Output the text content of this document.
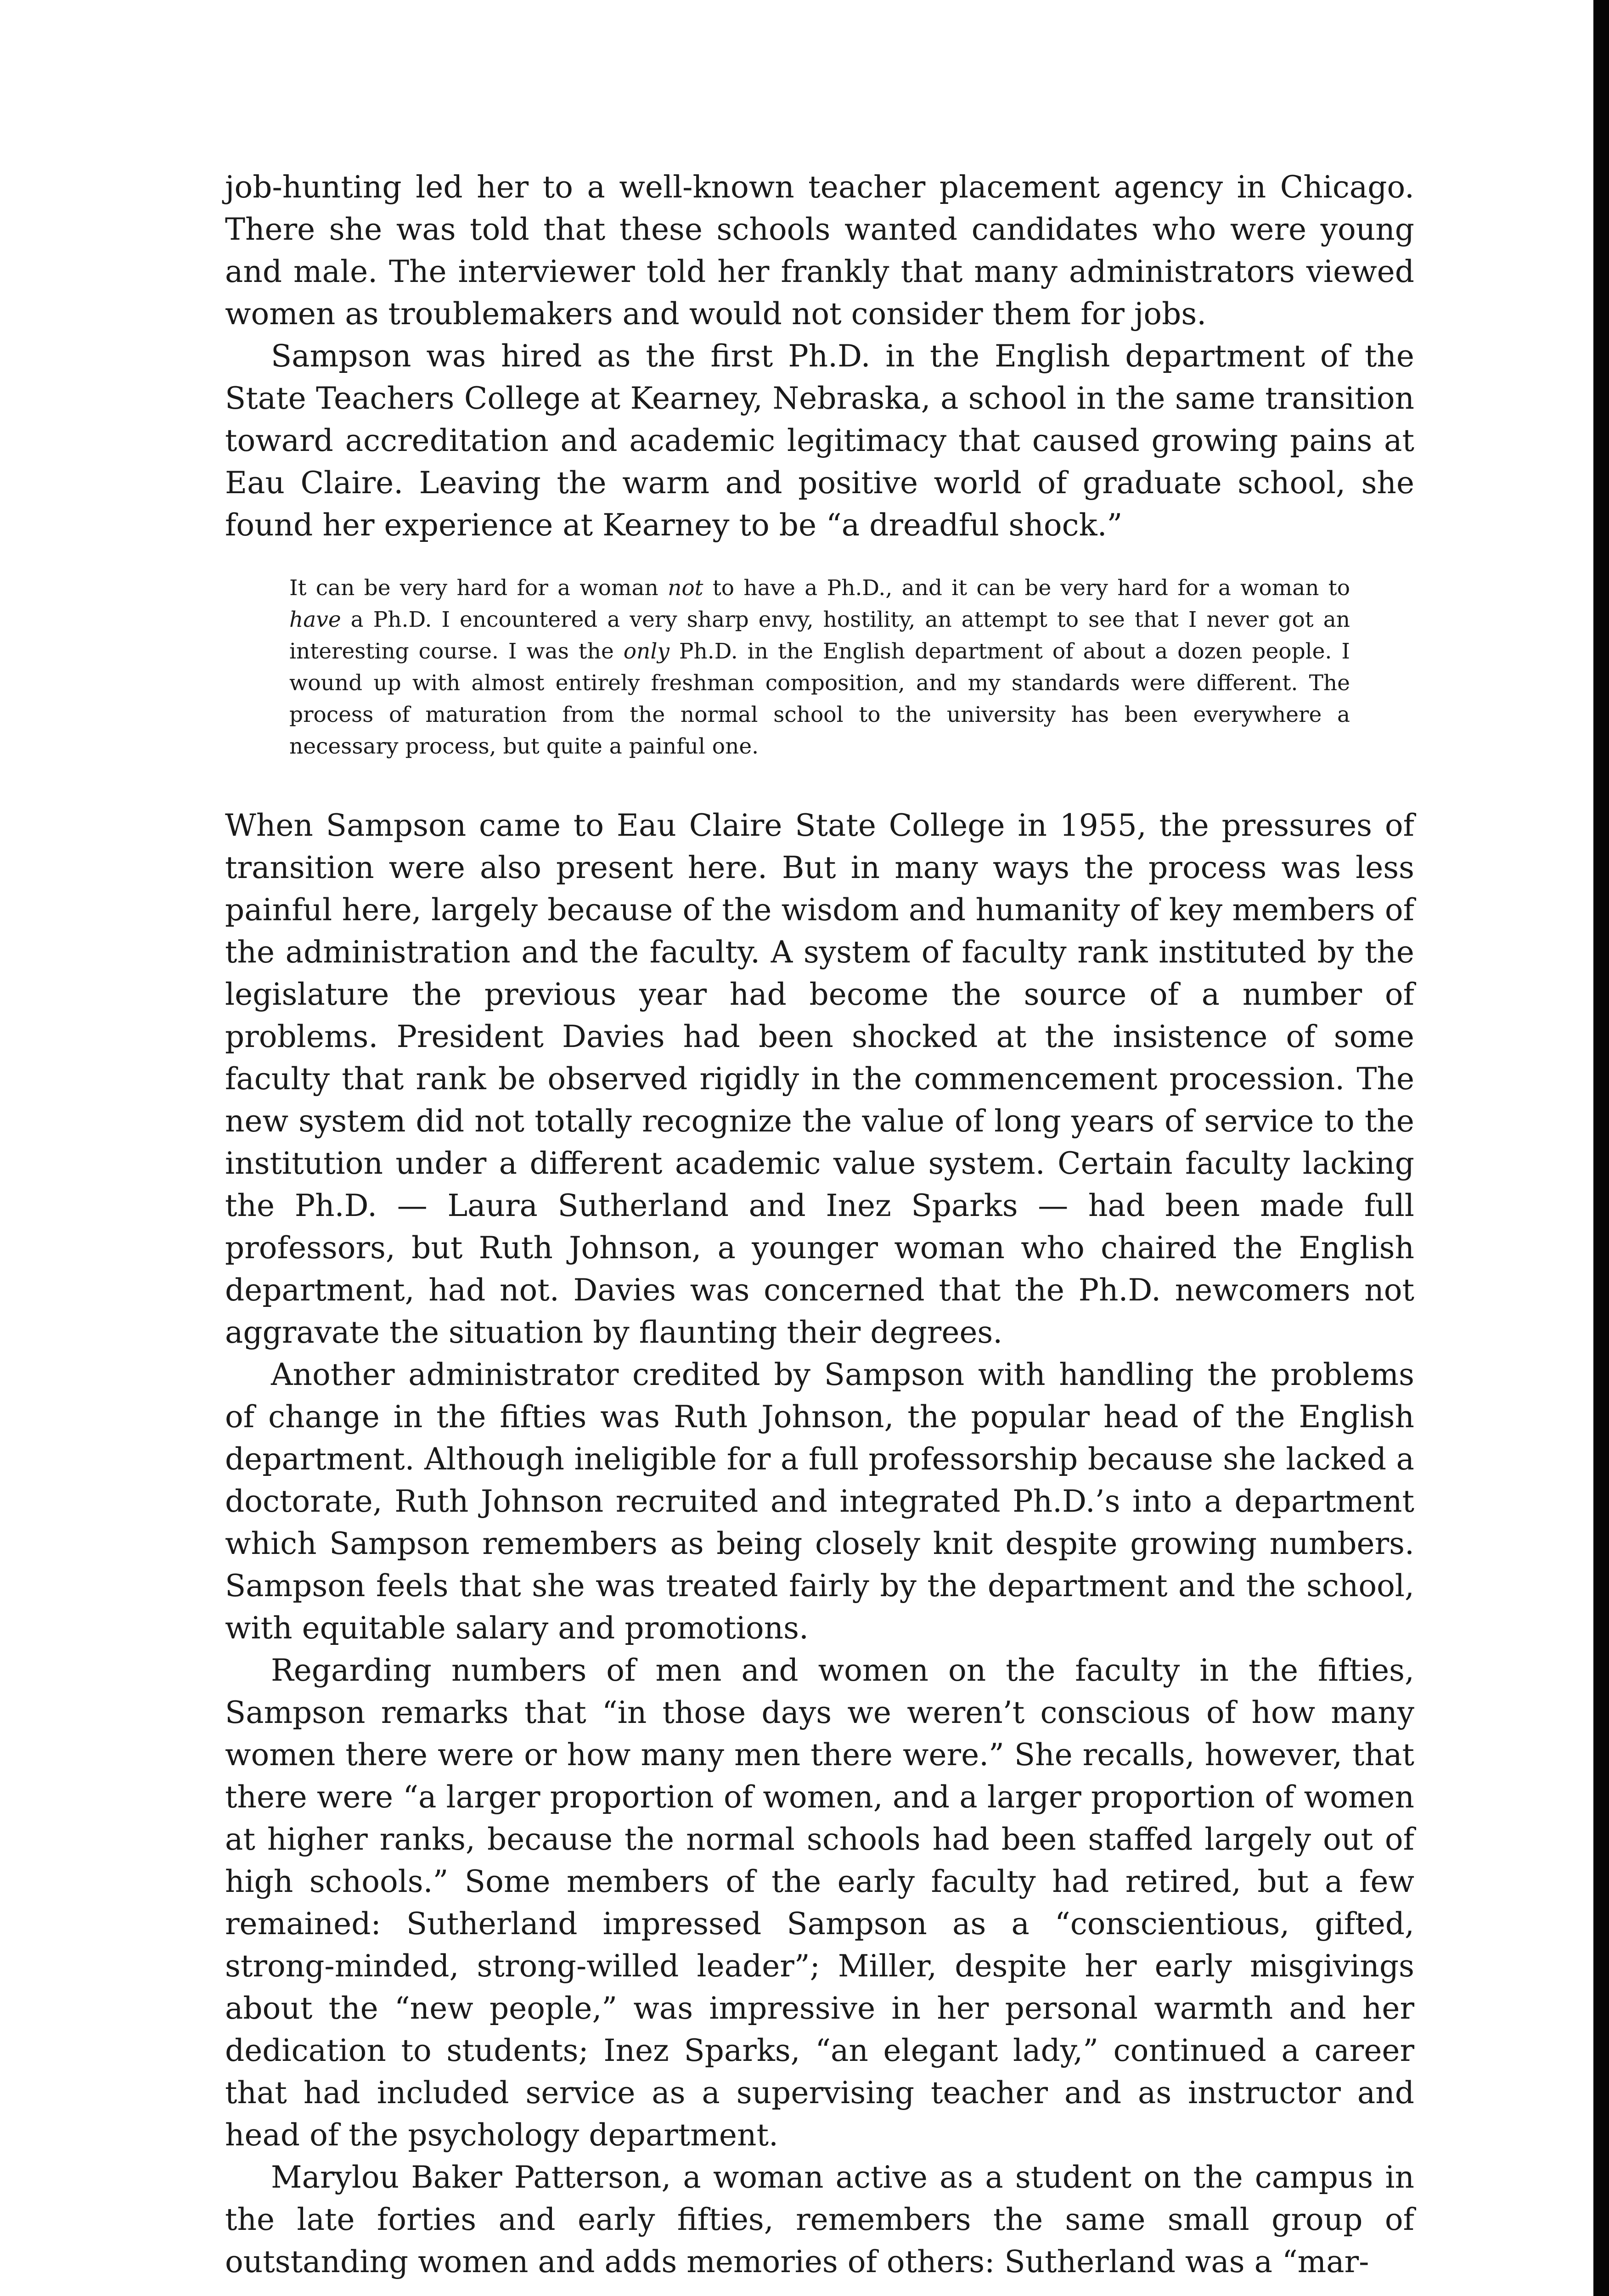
job-hunting led her to a well-known teacher placement agency in Chicago. There she was told that these schools wanted candidates who were young and male. The interviewer told her frankly that many administrators viewed women as troublemakers and would not consider them for jobs.

Sampson was hired as the first Ph.D. in the English department of the State Teachers College at Kearney, Nebraska, a school in the same transition toward accreditation and academic legitimacy that caused growing pains at Eau Claire. Leaving the warm and positive world of graduate school, she found her experience at Kearney to be “a dreadful shock.”

It can be very hard for a woman not to have a Ph.D., and it can be very hard for a woman to have a Ph.D. I encountered a very sharp envy, hostility, an attempt to see that I never got an interesting course. I was the only Ph.D. in the English department of about a dozen people. I wound up with almost entirely freshman composition, and my standards were different. The process of maturation from the normal school to the university has been everywhere a necessary process, but quite a painful one.

When Sampson came to Eau Claire State College in 1955, the pressures of transition were also present here. But in many ways the process was less painful here, largely because of the wisdom and humanity of key members of the administration and the faculty. A system of faculty rank instituted by the legislature the previous year had become the source of a number of problems. President Davies had been shocked at the insistence of some faculty that rank be observed rigidly in the commencement procession. The new system did not totally recognize the value of long years of service to the institution under a different academic value system. Certain faculty lacking the Ph.D. — Laura Sutherland and Inez Sparks — had been made full professors, but Ruth Johnson, a younger woman who chaired the English department, had not. Davies was concerned that the Ph.D. newcomers not aggravate the situation by flaunting their degrees.

Another administrator credited by Sampson with handling the problems of change in the fifties was Ruth Johnson, the popular head of the English department. Although ineligible for a full professorship because she lacked a doctorate, Ruth Johnson recruited and integrated Ph.D.’s into a department which Sampson remembers as being closely knit despite growing numbers. Sampson feels that she was treated fairly by the department and the school, with equitable salary and promotions.

Regarding numbers of men and women on the faculty in the fifties, Sampson remarks that “in those days we weren’t conscious of how many women there were or how many men there were.” She recalls, however, that there were “a larger proportion of women, and a larger proportion of women at higher ranks, because the normal schools had been staffed largely out of high schools.” Some members of the early faculty had retired, but a few remained: Sutherland impressed Sampson as a “conscientious, gifted, strong-minded, strong-willed leader”; Miller, despite her early misgivings about the “new people,” was impressive in her personal warmth and her dedication to students; Inez Sparks, “an elegant lady,” continued a career that had included service as a supervising teacher and as instructor and head of the psychology department.

Marylou Baker Patterson, a woman active as a student on the campus in the late forties and early fifties, remembers the same small group of outstanding women and adds memories of others: Sutherland was a “mar-
